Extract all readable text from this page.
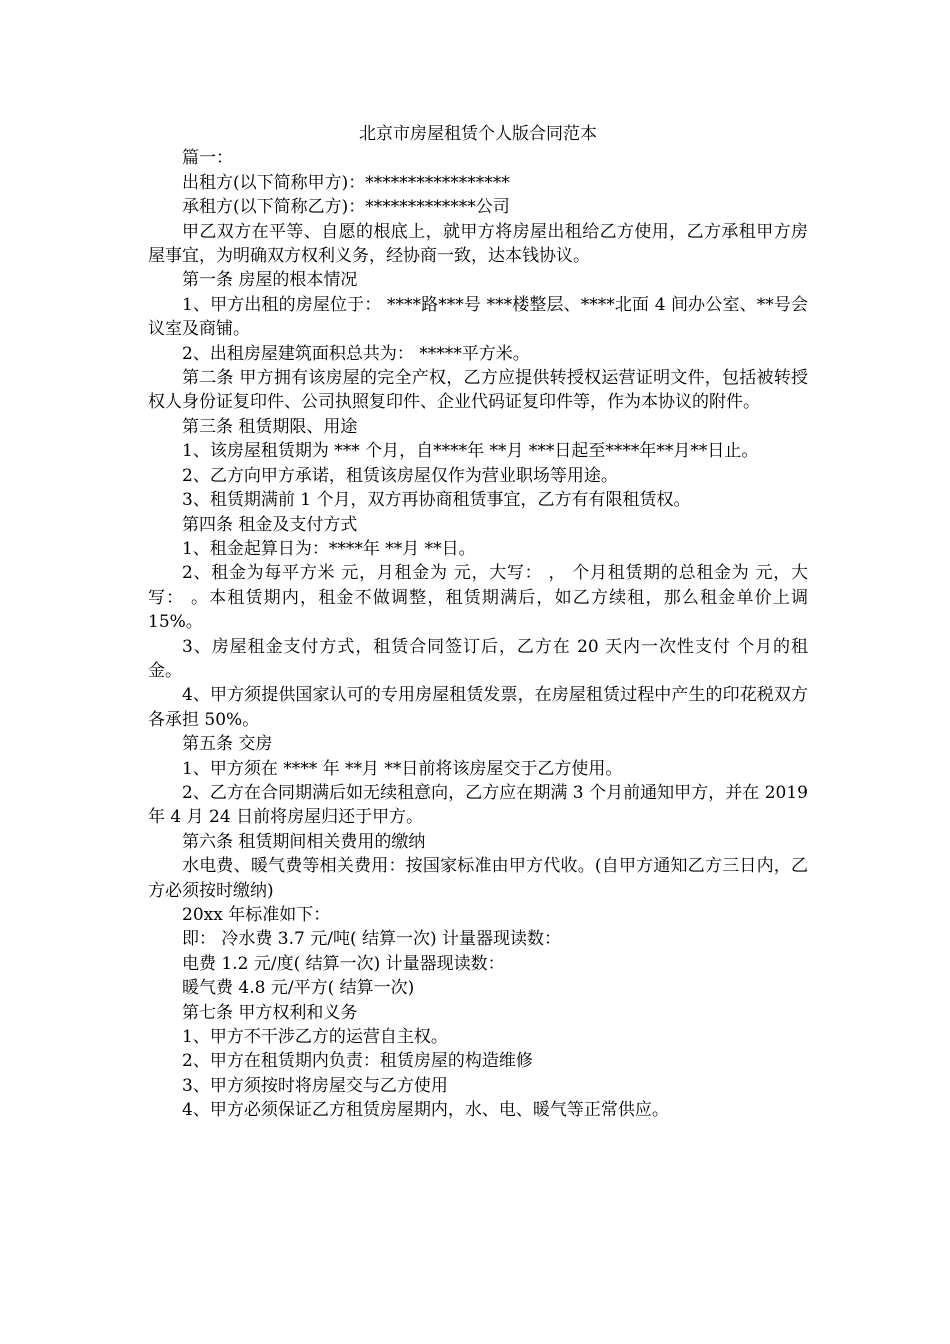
北京市房屋租赁个人版合同范本

篇一：

出租方(以下简称甲方)：*****************

承租方(以下简称乙方)：*************公司

甲乙双方在平等、自愿的根底上，就甲方将房屋出租给乙方使用，乙方承租甲方房屋事宜，为明确双方权利义务，经协商一致，达本钱协议。

第一条 房屋的根本情况

1、甲方出租的房屋位于： ****路***号 ***楼整层、****北面 4 间办公室、**号会议室及商铺。

2、出租房屋建筑面积总共为： *****平方米。

第二条 甲方拥有该房屋的完全产权，乙方应提供转授权运营证明文件，包括被转授权人身份证复印件、公司执照复印件、企业代码证复印件等，作为本协议的附件。

第三条 租赁期限、用途

1、该房屋租赁期为 *** 个月，自****年 **月 ***日起至****年**月**日止。

2、乙方向甲方承诺，租赁该房屋仅作为营业职场等用途。

3、租赁期满前 1 个月，双方再协商租赁事宜，乙方有有限租赁权。

第四条 租金及支付方式

1、租金起算日为：****年 **月 **日。

2、租金为每平方米 元，月租金为 元，大写： ， 个月租赁期的总租金为 元，大写： 。本租赁期内，租金不做调整，租赁期满后，如乙方续租，那么租金单价上调 15%。

3、房屋租金支付方式，租赁合同签订后，乙方在 20 天内一次性支付 个月的租金。

4、甲方须提供国家认可的专用房屋租赁发票，在房屋租赁过程中产生的印花税双方各承担 50%。

第五条 交房

1、甲方须在 **** 年 **月 **日前将该房屋交于乙方使用。

2、乙方在合同期满后如无续租意向，乙方应在期满 3 个月前通知甲方，并在 2019 年 4 月 24 日前将房屋归还于甲方。

第六条 租赁期间相关费用的缴纳

水电费、暖气费等相关费用：按国家标准由甲方代收。(自甲方通知乙方三日内，乙方必须按时缴纳)

20xx 年标准如下：

即： 冷水费 3.7 元/吨( 结算一次) 计量器现读数：

电费 1.2 元/度( 结算一次) 计量器现读数：

暖气费 4.8 元/平方( 结算一次)

第七条 甲方权利和义务

1、甲方不干涉乙方的运营自主权。

2、甲方在租赁期内负责：租赁房屋的构造维修

3、甲方须按时将房屋交与乙方使用

4、甲方必须保证乙方租赁房屋期内，水、电、暖气等正常供应。
